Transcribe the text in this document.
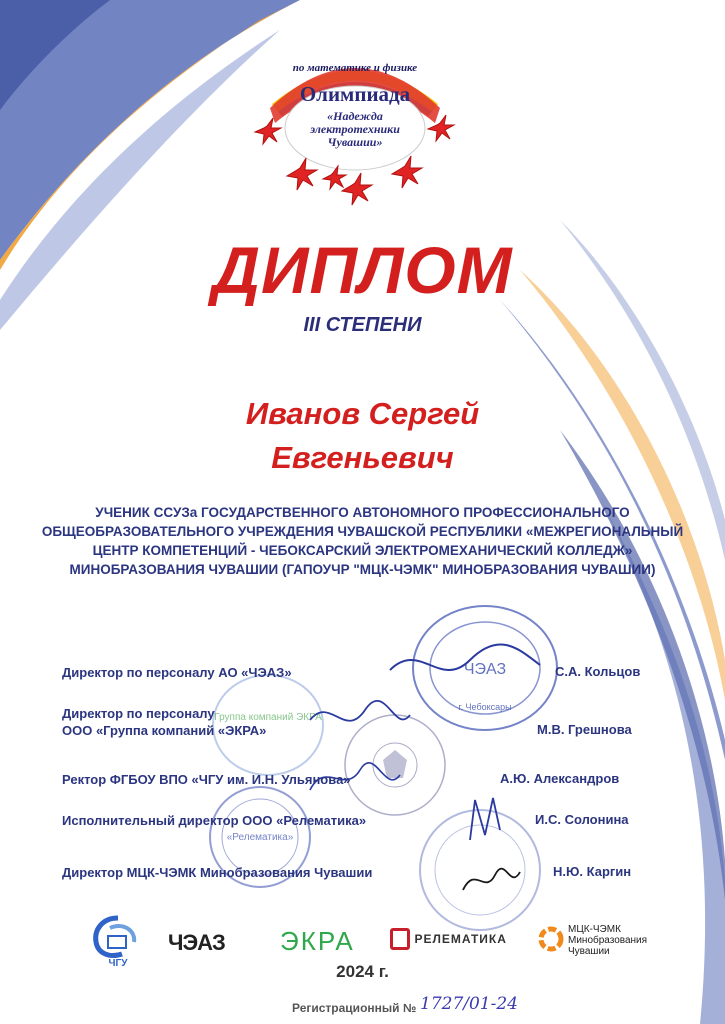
по математике и физике
Олимпиада
«Надежда
электротехники
Чувашии»
ДИПЛОМ
III СТЕПЕНИ
Иванов Сергей
Евгеньевич
УЧЕНИК ССУЗа ГОСУДАРСТВЕННОГО АВТОНОМНОГО ПРОФЕССИОНАЛЬНОГО ОБЩЕОБРАЗОВАТЕЛЬНОГО УЧРЕЖДЕНИЯ ЧУВАШСКОЙ РЕСПУБЛИКИ «МЕЖРЕГИОНАЛЬНЫЙ ЦЕНТР КОМПЕТЕНЦИЙ - ЧЕБОКСАРСКИЙ ЭЛЕКТРОМЕХАНИЧЕСКИЙ КОЛЛЕДЖ» МИНОБРАЗОВАНИЯ ЧУВАШИИ (ГАПОУЧР "МЦК-ЧЭМК" МИНОБРАЗОВАНИЯ ЧУВАШИИ)
ЧЭАЗ
г. Чебоксары
Группа компаний ЭКРА
«Релематика»
Директор по персоналу АО «ЧЭАЗ»	С.А. Кольцов
Директор по персоналу
ООО «Группа компаний «ЭКРА»	М.В. Грешнова
Ректор ФГБОУ ВПО «ЧГУ им. И.Н. Ульянова»	А.Ю. Александров
Исполнительный директор ООО «Релематика»	И.С. Солонина
Директор МЦК-ЧЭМК Минобразования Чувашии	Н.Ю. Каргин
ЧГУ
ЧЭАЗ ЭКРА	РЕЛЕМАТИКА
МЦК-ЧЭМК
Минобразования
Чувашии
2024 г.
Регистрационный № 1727/01-24
